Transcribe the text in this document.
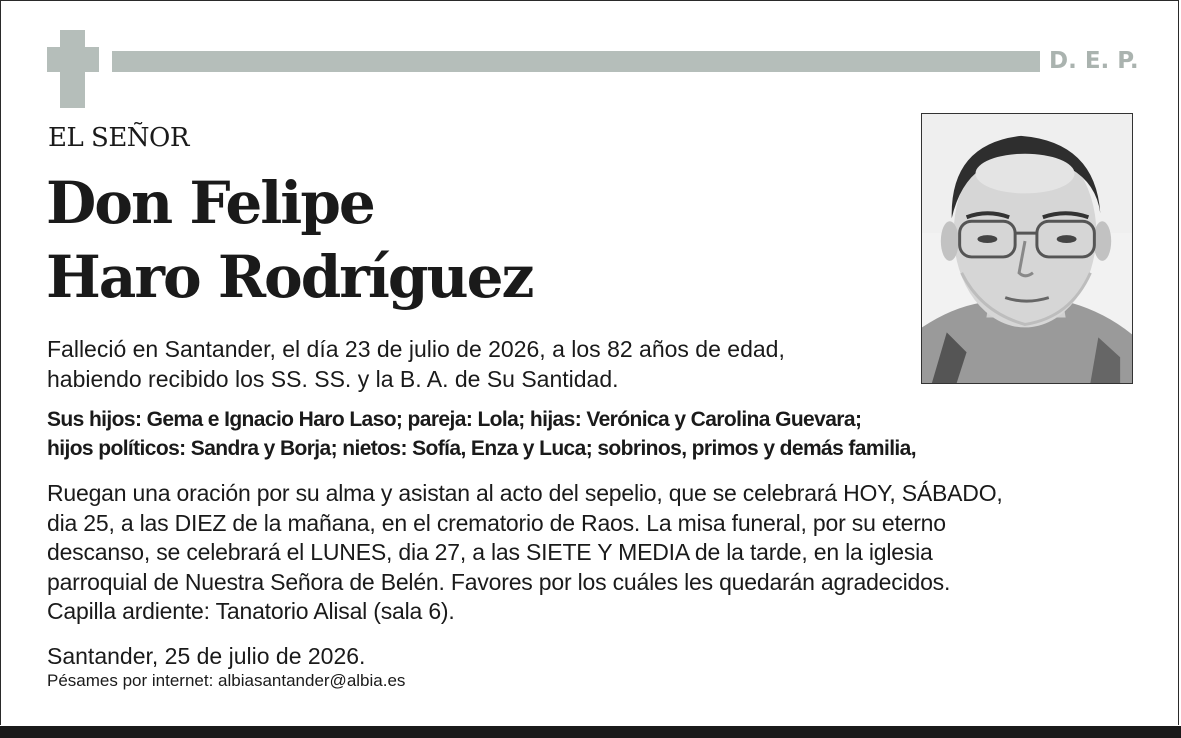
D. E. P.
EL SEÑOR
Don Felipe
Haro Rodríguez
Falleció en Santander, el día 23 de julio de 2026, a los 82 años de edad,
habiendo recibido los SS. SS. y la B. A. de Su Santidad.
Sus hijos: Gema e Ignacio Haro Laso; pareja: Lola; hijas: Verónica y Carolina Guevara;
hijos políticos: Sandra y Borja; nietos: Sofía, Enza y Luca; sobrinos, primos y demás familia,
Ruegan una oración por su alma y asistan al acto del sepelio, que se celebrará HOY, SÁBADO,
dia 25, a las DIEZ de la mañana, en el crematorio de Raos. La misa funeral, por su eterno
descanso, se celebrará el LUNES, dia 27, a las SIETE Y MEDIA de la tarde, en la iglesia
parroquial de Nuestra Señora de Belén. Favores por los cuáles les quedarán agradecidos.
Capilla ardiente: Tanatorio Alisal (sala 6).
Santander, 25 de julio de 2026.
Pésames por internet: albiasantander@albia.es
